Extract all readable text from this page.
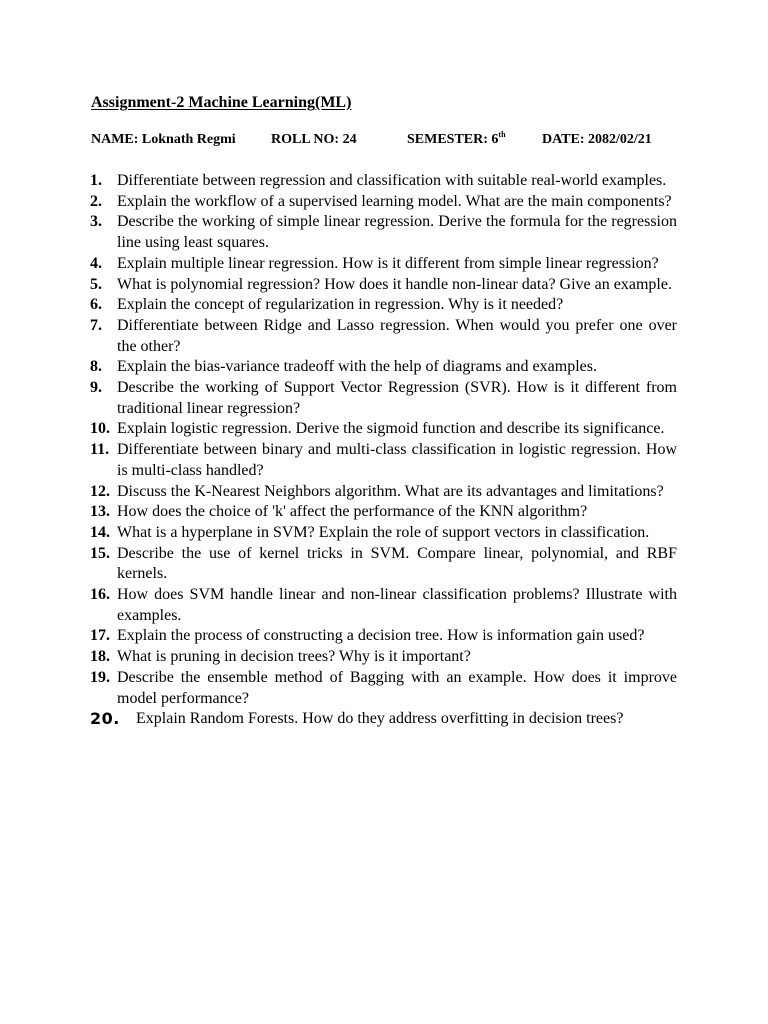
Assignment-2 Machine Learning(ML)
NAME: Loknath Regmi	ROLL NO: 24	SEMESTER: 6th	DATE: 2082/02/21
1. Differentiate between regression and classification with suitable real-world examples.
2. Explain the workflow of a supervised learning model. What are the main components?
3. Describe the working of simple linear regression. Derive the formula for the regression line using least squares.
4. Explain multiple linear regression. How is it different from simple linear regression?
5. What is polynomial regression? How does it handle non-linear data? Give an example.
6. Explain the concept of regularization in regression. Why is it needed?
7. Differentiate between Ridge and Lasso regression. When would you prefer one over the other?
8. Explain the bias-variance tradeoff with the help of diagrams and examples.
9. Describe the working of Support Vector Regression (SVR). How is it different from traditional linear regression?
10. Explain logistic regression. Derive the sigmoid function and describe its significance.
11. Differentiate between binary and multi-class classification in logistic regression. How is multi-class handled?
12. Discuss the K-Nearest Neighbors algorithm. What are its advantages and limitations?
13. How does the choice of 'k' affect the performance of the KNN algorithm?
14. What is a hyperplane in SVM? Explain the role of support vectors in classification.
15. Describe the use of kernel tricks in SVM. Compare linear, polynomial, and RBF kernels.
16. How does SVM handle linear and non-linear classification problems? Illustrate with examples.
17. Explain the process of constructing a decision tree. How is information gain used?
18. What is pruning in decision trees? Why is it important?
19. Describe the ensemble method of Bagging with an example. How does it improve model performance?
20.	Explain Random Forests. How do they address overfitting in decision trees?
